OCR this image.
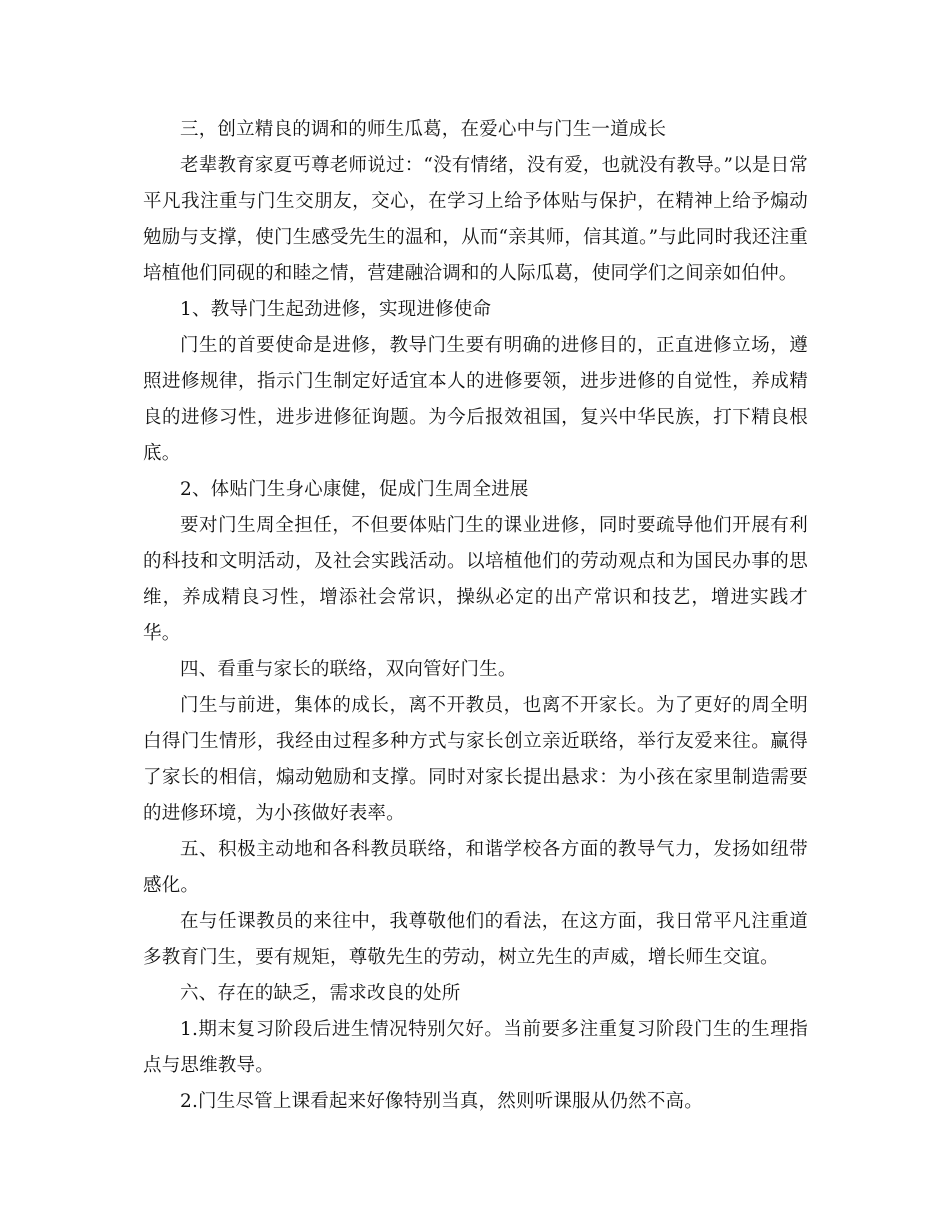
三，创立精良的调和的师生瓜葛，在爱心中与门生一道成长

老辈教育家夏丐尊老师说过：“没有情绪，没有爱，也就没有教导。”以是日常平凡我注重与门生交朋友，交心，在学习上给予体贴与保护，在精神上给予煽动勉励与支撑，使门生感受先生的温和，从而“亲其师，信其道。”与此同时我还注重培植他们同砚的和睦之情，营建融洽调和的人际瓜葛，使同学们之间亲如伯仲。

1、教导门生起劲进修，实现进修使命

门生的首要使命是进修，教导门生要有明确的进修目的，正直进修立场，遵照进修规律，指示门生制定好适宜本人的进修要领，进步进修的自觉性，养成精良的进修习性，进步进修征询题。为今后报效祖国，复兴中华民族，打下精良根底。

2、体贴门生身心康健，促成门生周全进展

要对门生周全担任，不但要体贴门生的课业进修，同时要疏导他们开展有利的科技和文明活动，及社会实践活动。以培植他们的劳动观点和为国民办事的思维，养成精良习性，增添社会常识，操纵必定的出产常识和技艺，增进实践才华。

四、看重与家长的联络，双向管好门生。

门生与前进，集体的成长，离不开教员，也离不开家长。为了更好的周全明白得门生情形，我经由过程多种方式与家长创立亲近联络，举行友爱来往。赢得了家长的相信，煽动勉励和支撑。同时对家长提出悬求：为小孩在家里制造需要的进修环境，为小孩做好表率。

五、积极主动地和各科教员联络，和谐学校各方面的教导气力，发扬如纽带感化。

在与任课教员的来往中，我尊敬他们的看法，在这方面，我日常平凡注重道多教育门生，要有规矩，尊敬先生的劳动，树立先生的声威，增长师生交谊。

六、存在的缺乏，需求改良的处所

1.期末复习阶段后进生情况特别欠好。当前要多注重复习阶段门生的生理指点与思维教导。

2.门生尽管上课看起来好像特别当真，然则听课服从仍然不高。
